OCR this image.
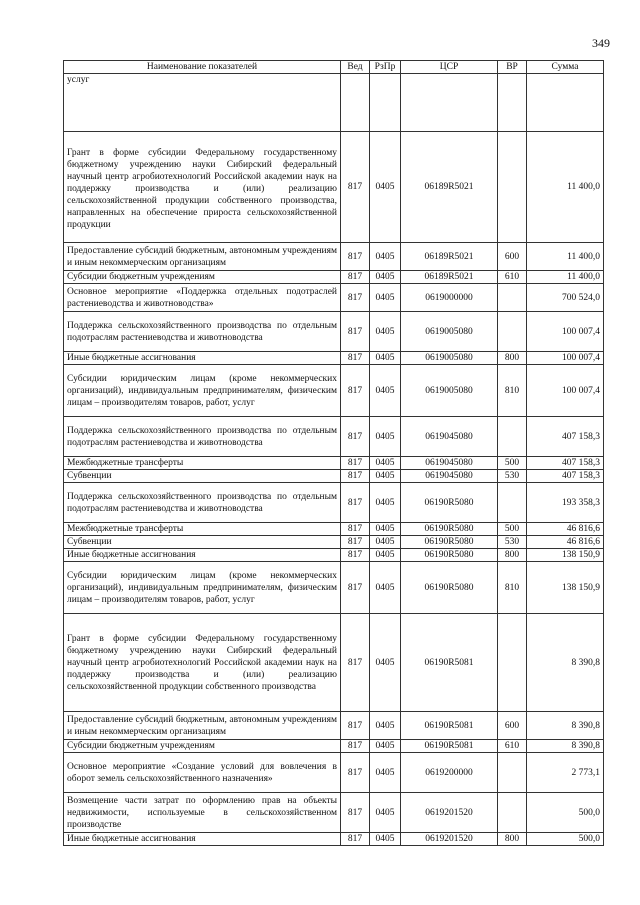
349
Наименование показателей	Вед	РзПр	ЦСР	ВР	Сумма
услуг					
Грант в форме субсидии Федеральному государственному бюджетному учреждению науки Сибирский федеральный научный центр агробиотехнологий Российской академии наук на поддержку производства и (или) реализацию сельскохозяйственной продукции собственного производства, направленных на обеспечение прироста сельскохозяйственной продукции	817	0405	06189R5021		11 400,0
Предоставление субсидий бюджетным, автономным учреждениям и иным некоммерческим организациям	817	0405	06189R5021	600	11 400,0
Субсидии бюджетным учреждениям	817	0405	06189R5021	610	11 400,0
Основное мероприятие «Поддержка отдельных подотраслей растениеводства и животноводства»	817	0405	0619000000		700 524,0
Поддержка сельскохозяйственного производства по отдельным подотраслям растениеводства и животноводства	817	0405	0619005080		100 007,4
Иные бюджетные ассигнования	817	0405	0619005080	800	100 007,4
Субсидии юридическим лицам (кроме некоммерческих организаций), индивидуальным предпринимателям, физическим лицам – производителям товаров, работ, услуг	817	0405	0619005080	810	100 007,4
Поддержка сельскохозяйственного производства по отдельным подотраслям растениеводства и животноводства	817	0405	0619045080		407 158,3
Межбюджетные трансферты	817	0405	0619045080	500	407 158,3
Субвенции	817	0405	0619045080	530	407 158,3
Поддержка сельскохозяйственного производства по отдельным подотраслям растениеводства и животноводства	817	0405	06190R5080		193 358,3
Межбюджетные трансферты	817	0405	06190R5080	500	46 816,6
Субвенции	817	0405	06190R5080	530	46 816,6
Иные бюджетные ассигнования	817	0405	06190R5080	800	138 150,9
Субсидии юридическим лицам (кроме некоммерческих организаций), индивидуальным предпринимателям, физическим лицам – производителям товаров, работ, услуг	817	0405	06190R5080	810	138 150,9
Грант в форме субсидии Федеральному государственному бюджетному учреждению науки Сибирский федеральный научный центр агробиотехнологий Российской академии наук на поддержку производства и (или) реализацию сельскохозяйственной продукции собственного производства	817	0405	06190R5081		8 390,8
Предоставление субсидий бюджетным, автономным учреждениям и иным некоммерческим организациям	817	0405	06190R5081	600	8 390,8
Субсидии бюджетным учреждениям	817	0405	06190R5081	610	8 390,8
Основное мероприятие «Создание условий для вовлечения в оборот земель сельскохозяйственного назначения»	817	0405	0619200000		2 773,1
Возмещение части затрат по оформлению прав на объекты недвижимости, используемые в сельскохозяйственном производстве	817	0405	0619201520		500,0
Иные бюджетные ассигнования	817	0405	0619201520	800	500,0
